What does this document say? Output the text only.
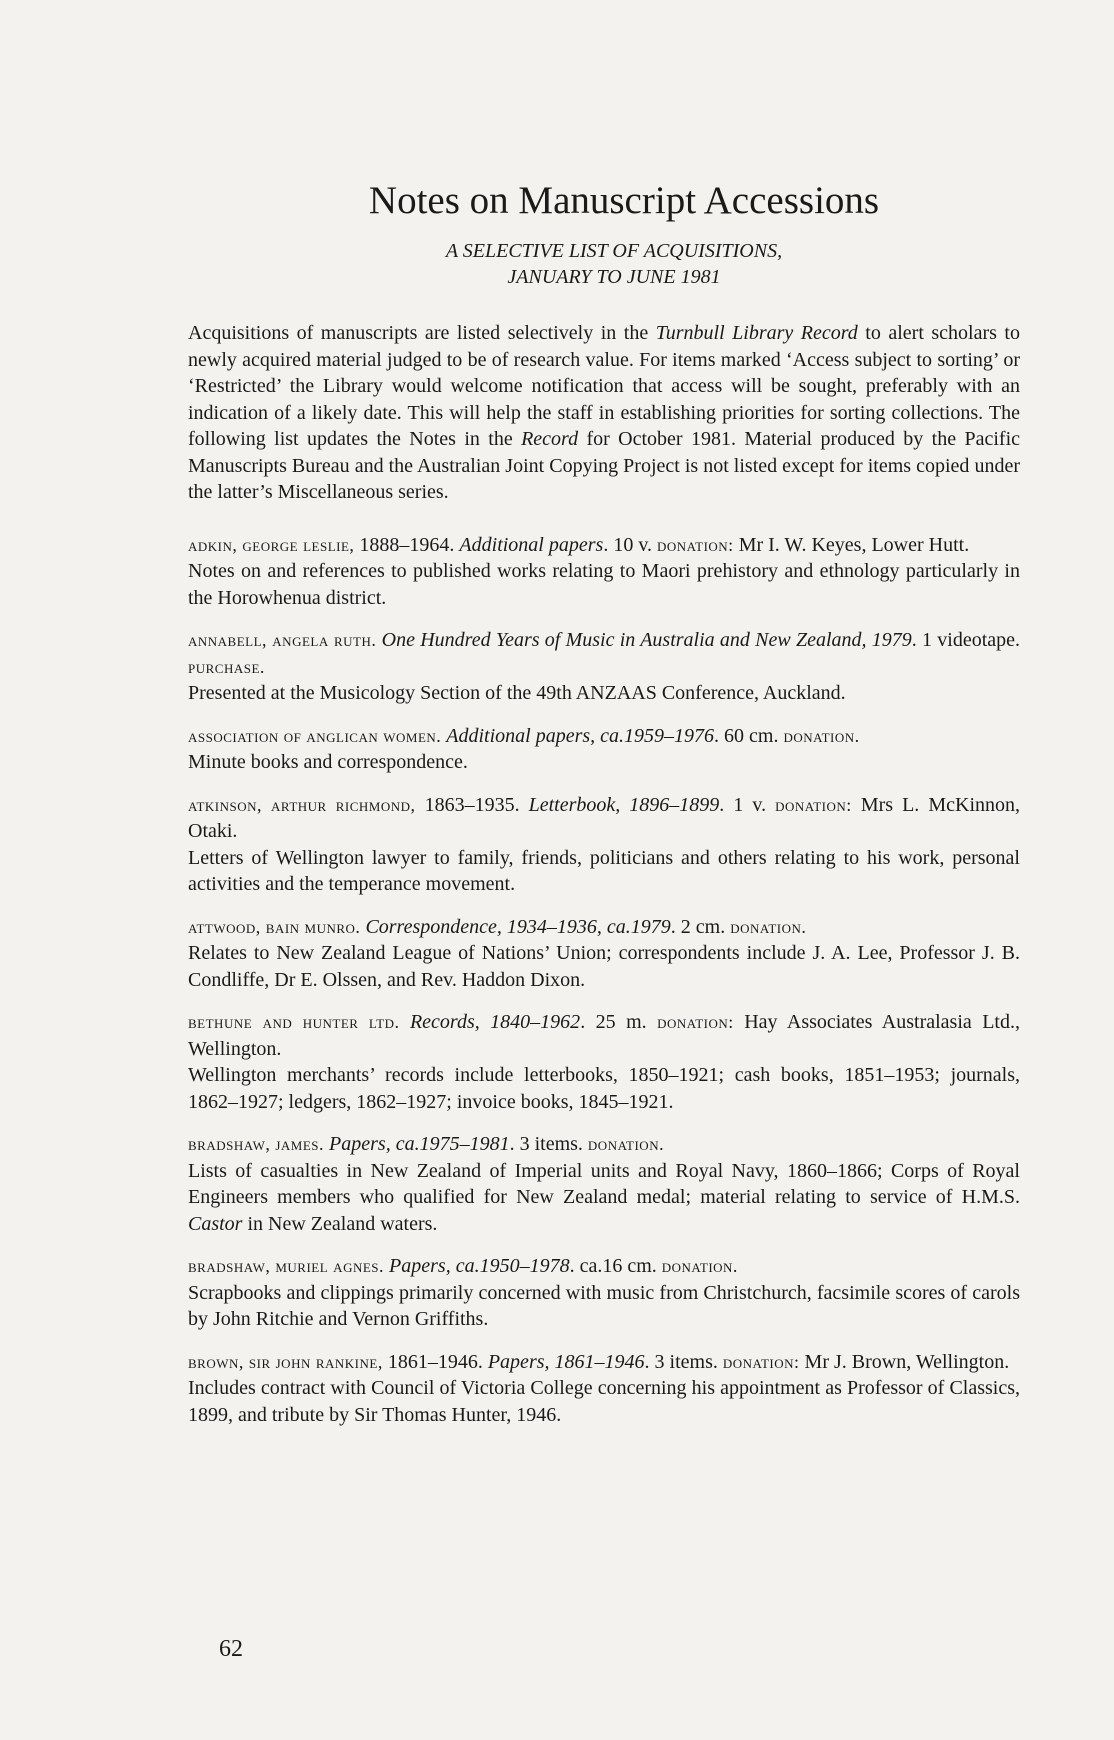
Notes on Manuscript Accessions
A SELECTIVE LIST OF ACQUISITIONS,
JANUARY TO JUNE 1981

Acquisitions of manuscripts are listed selectively in the Turnbull Library Record to alert scholars to newly acquired material judged to be of research value. For items marked ‘Access subject to sorting’ or ‘Restricted’ the Library would welcome notification that access will be sought, preferably with an indication of a likely date. This will help the staff in establishing priorities for sorting collections. The following list updates the Notes in the Record for October 1981. Material produced by the Pacific Manuscripts Bureau and the Australian Joint Copying Project is not listed except for items copied under the latter’s Miscellaneous series.

adkin, george leslie, 1888–1964. Additional papers. 10 v. donation: Mr I. W. Keyes, Lower Hutt.
Notes on and references to published works relating to Maori prehistory and ethnology particularly in the Horowhenua district.
annabell, angela ruth. One Hundred Years of Music in Australia and New Zealand, 1979. 1 videotape. purchase.
Presented at the Musicology Section of the 49th ANZAAS Conference, Auckland.
association of anglican women. Additional papers, ca.1959–1976. 60 cm. donation.
Minute books and correspondence.
atkinson, arthur richmond, 1863–1935. Letterbook, 1896–1899. 1 v. donation: Mrs L. McKinnon, Otaki.
Letters of Wellington lawyer to family, friends, politicians and others relating to his work, personal activities and the temperance movement.
attwood, bain munro. Correspondence, 1934–1936, ca.1979. 2 cm. donation.
Relates to New Zealand League of Nations’ Union; correspondents include J. A. Lee, Professor J. B. Condliffe, Dr E. Olssen, and Rev. Haddon Dixon.
bethune and hunter ltd. Records, 1840–1962. 25 m. donation: Hay Associates Australasia Ltd., Wellington.
Wellington merchants’ records include letterbooks, 1850–1921; cash books, 1851–1953; journals, 1862–1927; ledgers, 1862–1927; invoice books, 1845–1921.
bradshaw, james. Papers, ca.1975–1981. 3 items. donation.
Lists of casualties in New Zealand of Imperial units and Royal Navy, 1860–1866; Corps of Royal Engineers members who qualified for New Zealand medal; material relating to service of H.M.S. Castor in New Zealand waters.
bradshaw, muriel agnes. Papers, ca.1950–1978. ca.16 cm. donation.
Scrapbooks and clippings primarily concerned with music from Christchurch, facsimile scores of carols by John Ritchie and Vernon Griffiths.
brown, sir john rankine, 1861–1946. Papers, 1861–1946. 3 items. donation: Mr J. Brown, Wellington.
Includes contract with Council of Victoria College concerning his appointment as Professor of Classics, 1899, and tribute by Sir Thomas Hunter, 1946.
62
